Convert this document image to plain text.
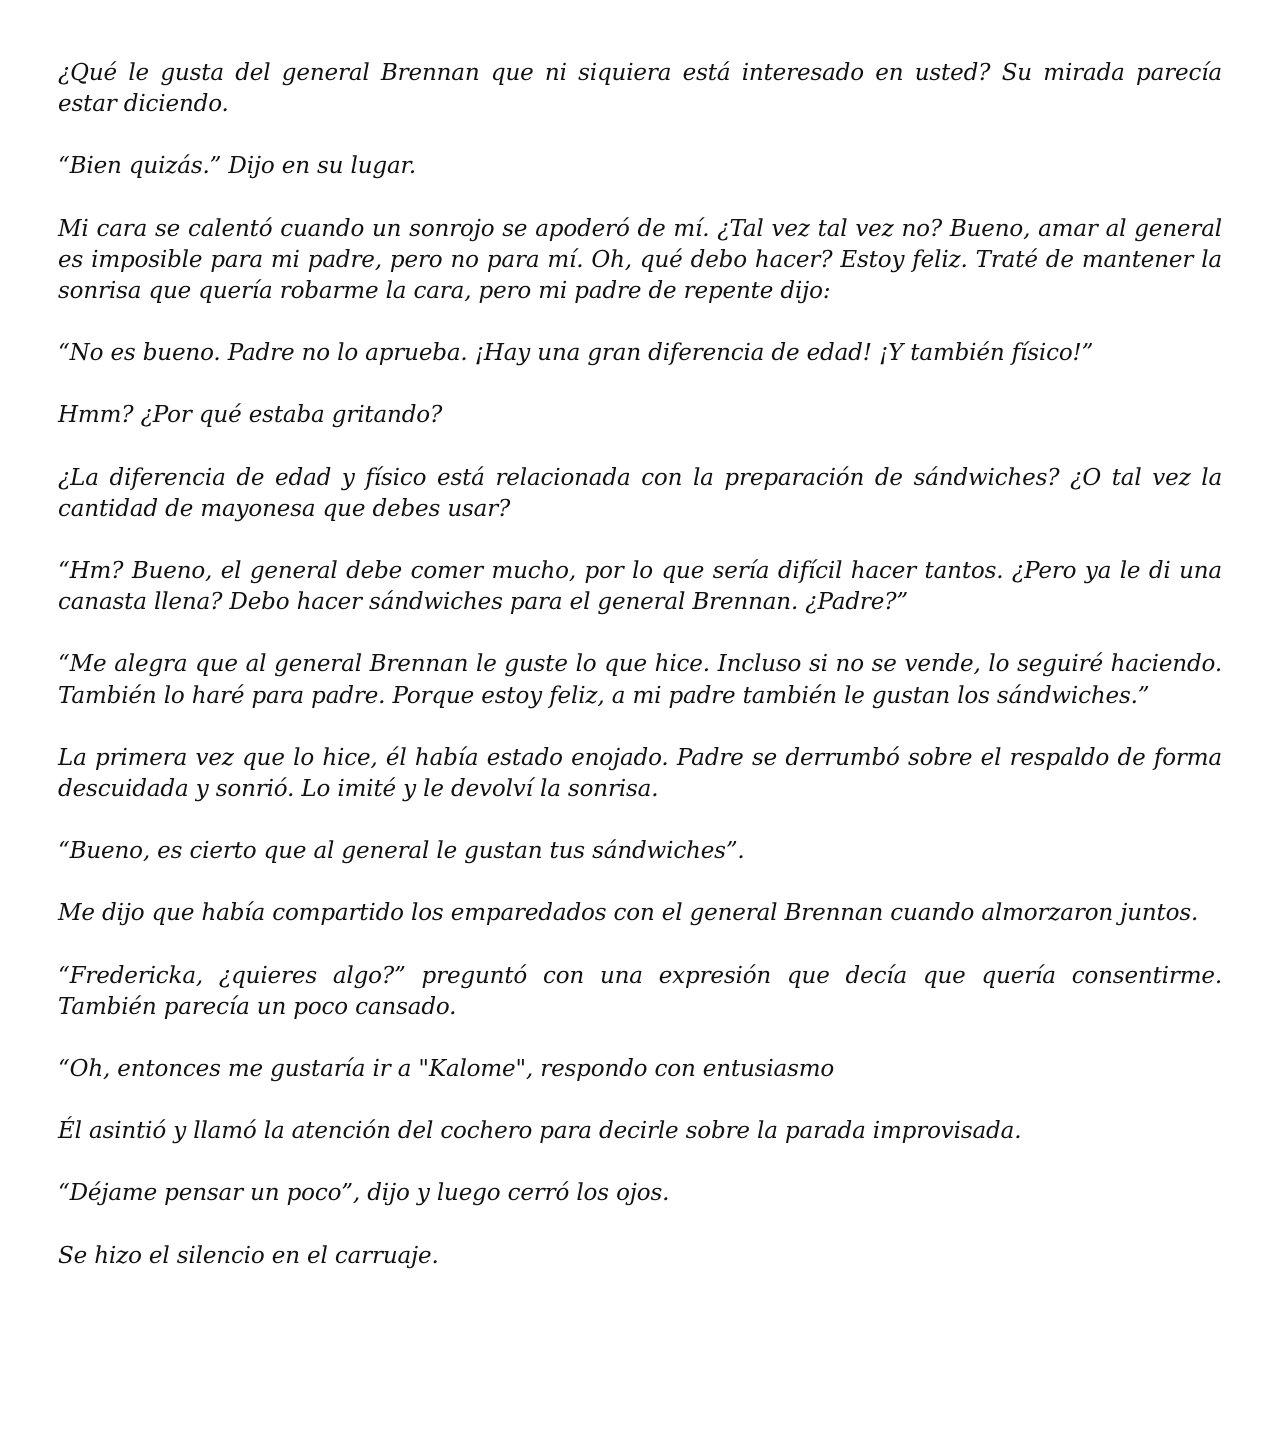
¿Qué le gusta del general Brennan que ni siquiera está interesado en usted? Su mirada parecía estar diciendo.

“Bien quizás.” Dijo en su lugar.

Mi cara se calentó cuando un sonrojo se apoderó de mí. ¿Tal vez tal vez no? Bueno, amar al general es imposible para mi padre, pero no para mí. Oh, qué debo hacer? Estoy feliz. Traté de mantener la sonrisa que quería robarme la cara, pero mi padre de repente dijo:

“No es bueno. Padre no lo aprueba. ¡Hay una gran diferencia de edad! ¡Y también físico!”

Hmm? ¿Por qué estaba gritando?

¿La diferencia de edad y físico está relacionada con la preparación de sándwiches? ¿O tal vez la cantidad de mayonesa que debes usar?

“Hm? Bueno, el general debe comer mucho, por lo que sería difícil hacer tantos. ¿Pero ya le di una canasta llena? Debo hacer sándwiches para el general Brennan. ¿Padre?”

“Me alegra que al general Brennan le guste lo que hice. Incluso si no se vende, lo seguiré haciendo. También lo haré para padre. Porque estoy feliz, a mi padre también le gustan los sándwiches.”

La primera vez que lo hice, él había estado enojado. Padre se derrumbó sobre el respaldo de forma descuidada y sonrió. Lo imité y le devolví la sonrisa.

“Bueno, es cierto que al general le gustan tus sándwiches”.

Me dijo que había compartido los emparedados con el general Brennan cuando almorzaron juntos.

“Fredericka, ¿quieres algo?” preguntó con una expresión que decía que quería consentirme. También parecía un poco cansado.

“Oh, entonces me gustaría ir a "Kalome", respondo con entusiasmo

Él asintió y llamó la atención del cochero para decirle sobre la parada improvisada.

“Déjame pensar un poco”, dijo y luego cerró los ojos.

Se hizo el silencio en el carruaje.
